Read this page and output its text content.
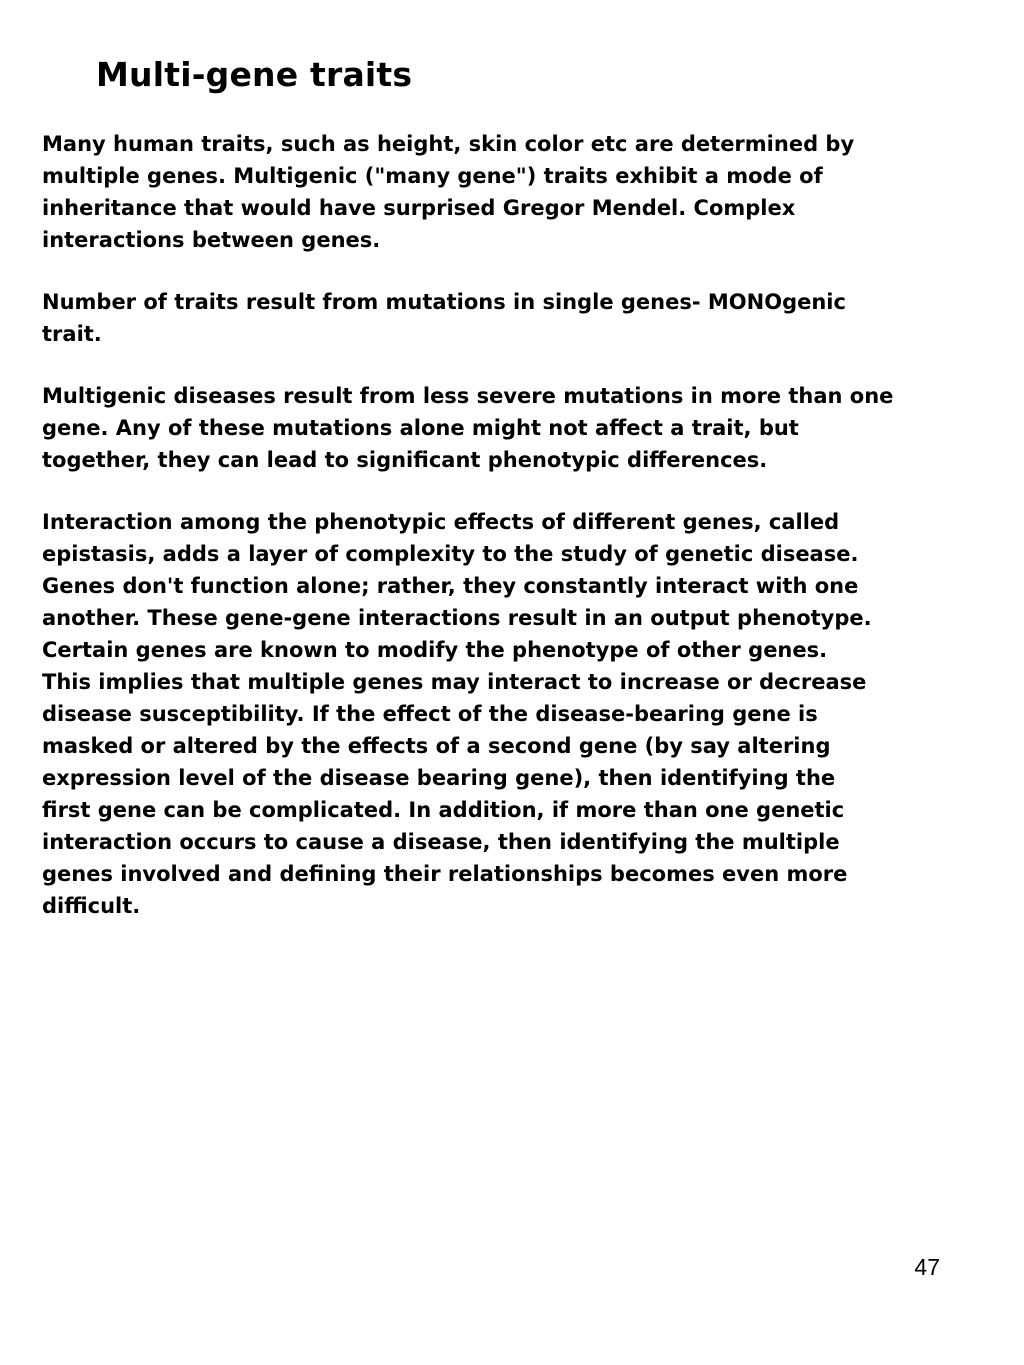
Multi-gene traits

Many human traits, such as height, skin color etc are determined by
multiple genes. Multigenic ("many gene") traits exhibit a mode of
inheritance that would have surprised Gregor Mendel. Complex
interactions between genes.

Number of traits result from mutations in single genes- MONOgenic
trait.

Multigenic diseases result from less severe mutations in more than one
gene. Any of these mutations alone might not affect a trait, but
together, they can lead to significant phenotypic differences.

Interaction among the phenotypic effects of different genes, called
epistasis, adds a layer of complexity to the study of genetic disease.
Genes don't function alone; rather, they constantly interact with one
another. These gene-gene interactions result in an output phenotype.
Certain genes are known to modify the phenotype of other genes.
This implies that multiple genes may interact to increase or decrease
disease susceptibility. If the effect of the disease-bearing gene is
masked or altered by the effects of a second gene (by say altering
expression level of the disease bearing gene), then identifying the
first gene can be complicated. In addition, if more than one genetic
interaction occurs to cause a disease, then identifying the multiple
genes involved and defining their relationships becomes even more
difficult.

47
